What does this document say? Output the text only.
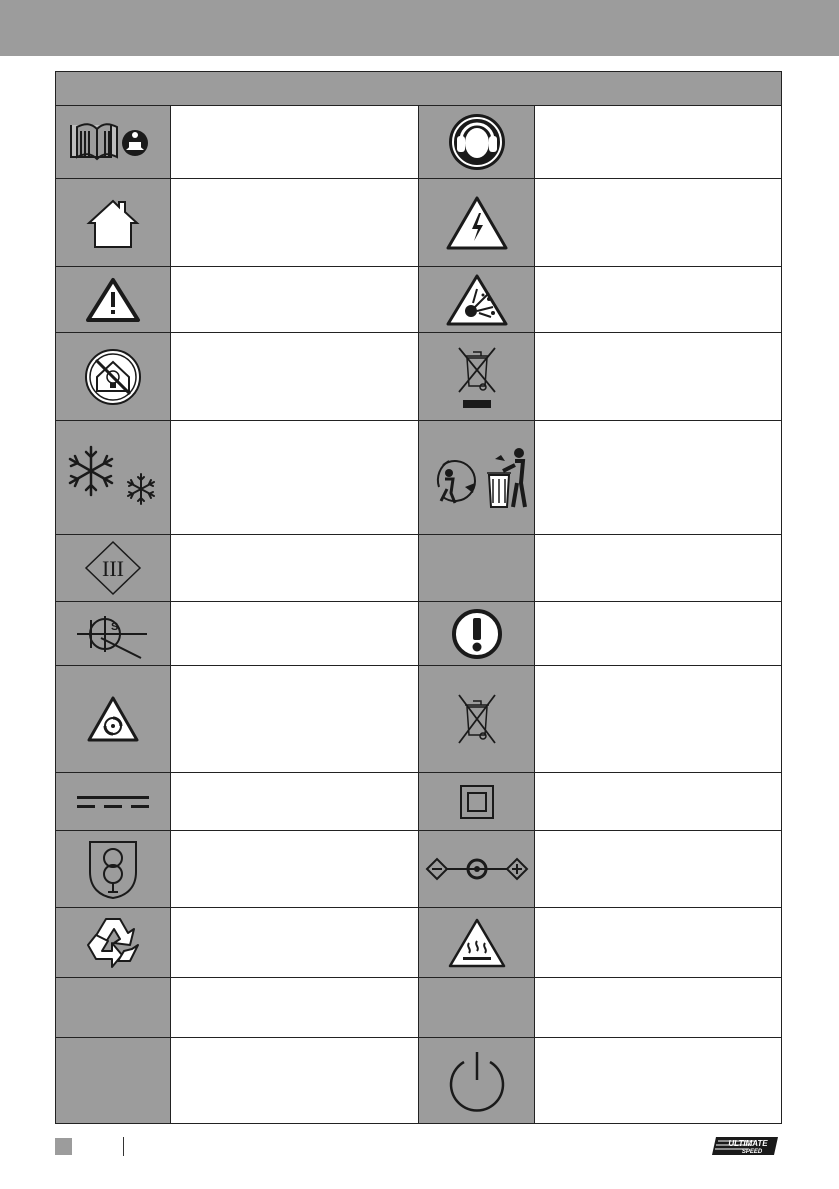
III			

S

ULTIMATE
SPEED
